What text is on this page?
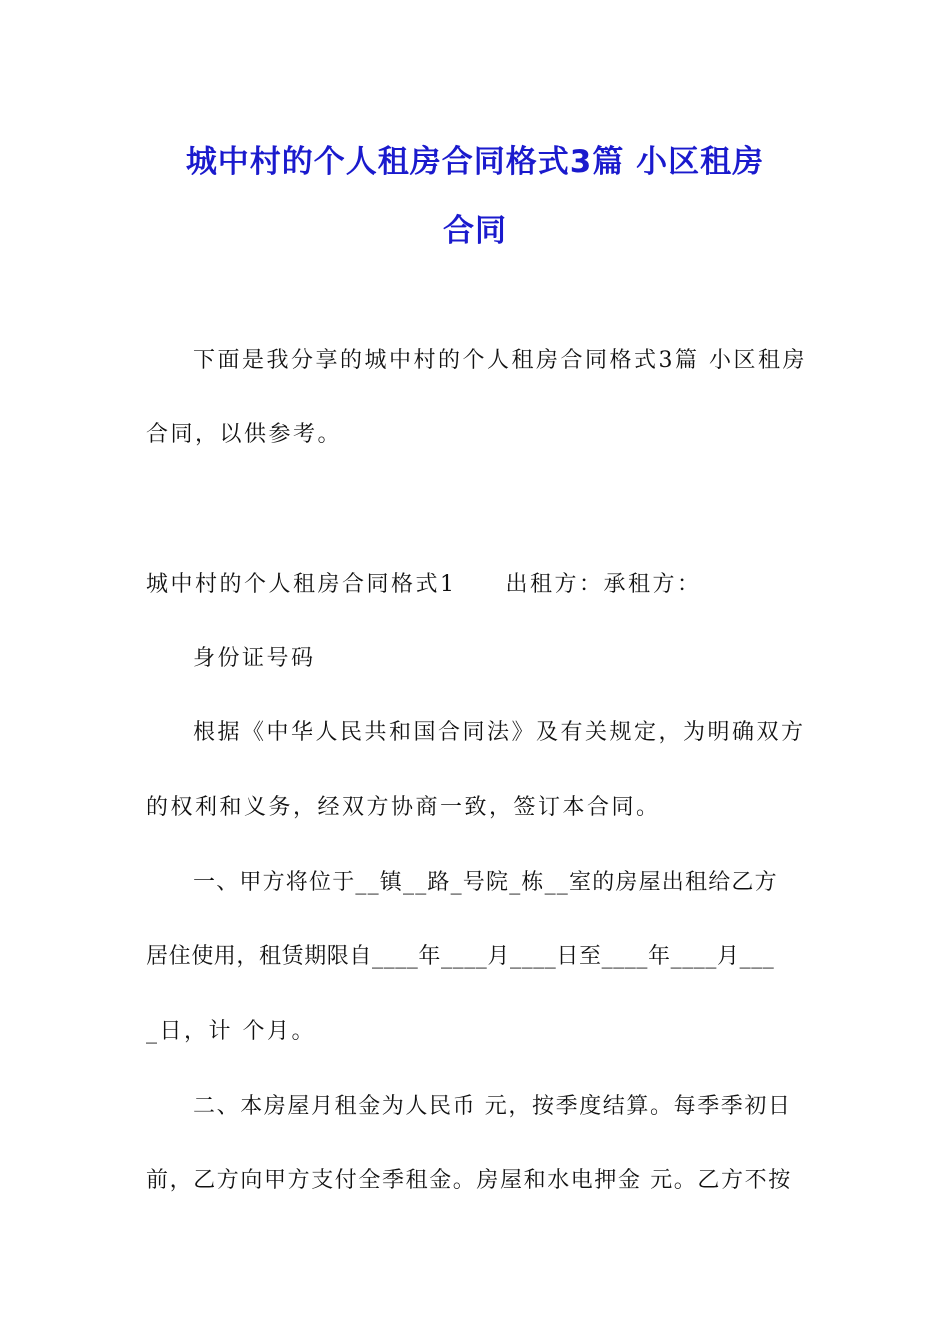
城中村的个人租房合同格式3篇 小区租房
合同
下面是我分享的城中村的个人租房合同格式3篇 小区租房
合同，以供参考。
城中村的个人租房合同格式1　　出租方：承租方：
身份证号码
根据《中华人民共和国合同法》及有关规定，为明确双方
的权利和义务，经双方协商一致，签订本合同。
一、甲方将位于__镇__路_号院_栋__室的房屋出租给乙方
居住使用，租赁期限自____年____月____日至____年____月___
_日，计 个月。
二、本房屋月租金为人民币 元，按季度结算。每季季初日
前，乙方向甲方支付全季租金。房屋和水电押金 元。乙方不按
